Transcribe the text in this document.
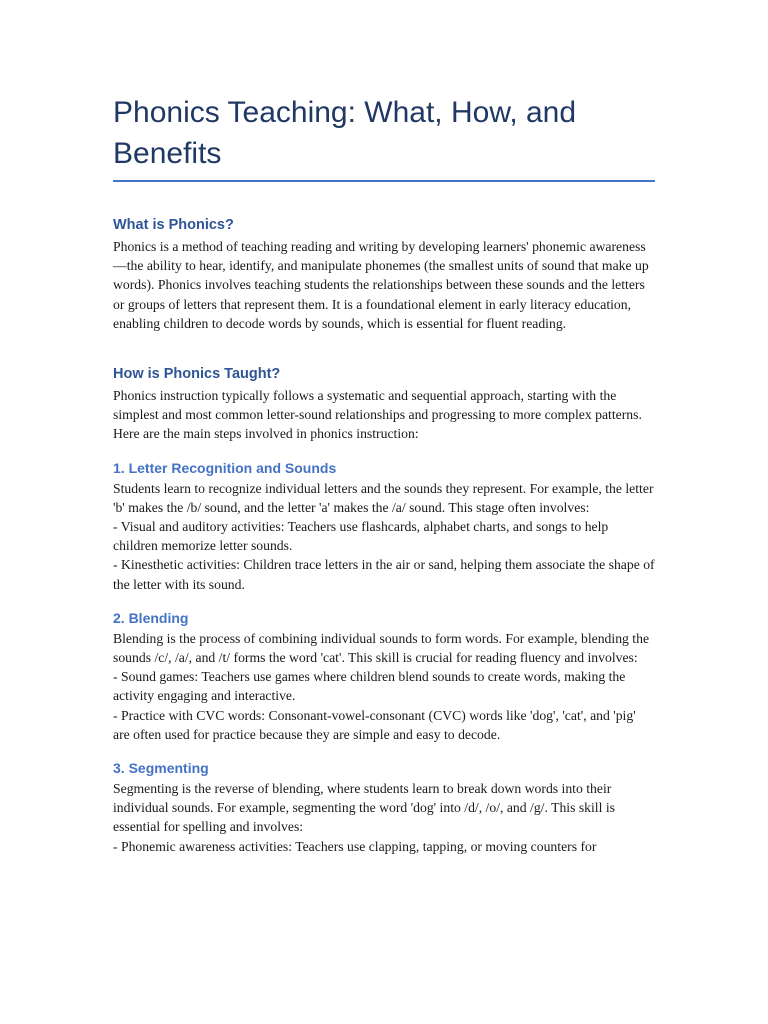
Phonics Teaching: What, How, and Benefits
What is Phonics?

Phonics is a method of teaching reading and writing by developing learners' phonemic awareness—the ability to hear, identify, and manipulate phonemes (the smallest units of sound that make up words). Phonics involves teaching students the relationships between these sounds and the letters or groups of letters that represent them. It is a foundational element in early literacy education, enabling children to decode words by sounds, which is essential for fluent reading.

How is Phonics Taught?

Phonics instruction typically follows a systematic and sequential approach, starting with the simplest and most common letter-sound relationships and progressing to more complex patterns. Here are the main steps involved in phonics instruction:

1. Letter Recognition and Sounds

Students learn to recognize individual letters and the sounds they represent. For example, the letter 'b' makes the /b/ sound, and the letter 'a' makes the /a/ sound. This stage often involves:

- Visual and auditory activities: Teachers use flashcards, alphabet charts, and songs to help children memorize letter sounds.

- Kinesthetic activities: Children trace letters in the air or sand, helping them associate the shape of the letter with its sound.

2. Blending

Blending is the process of combining individual sounds to form words. For example, blending the sounds /c/, /a/, and /t/ forms the word 'cat'. This skill is crucial for reading fluency and involves:

- Sound games: Teachers use games where children blend sounds to create words, making the activity engaging and interactive.

- Practice with CVC words: Consonant-vowel-consonant (CVC) words like 'dog', 'cat', and 'pig' are often used for practice because they are simple and easy to decode.

3. Segmenting

Segmenting is the reverse of blending, where students learn to break down words into their individual sounds. For example, segmenting the word 'dog' into /d/, /o/, and /g/. This skill is essential for spelling and involves:

- Phonemic awareness activities: Teachers use clapping, tapping, or moving counters for
